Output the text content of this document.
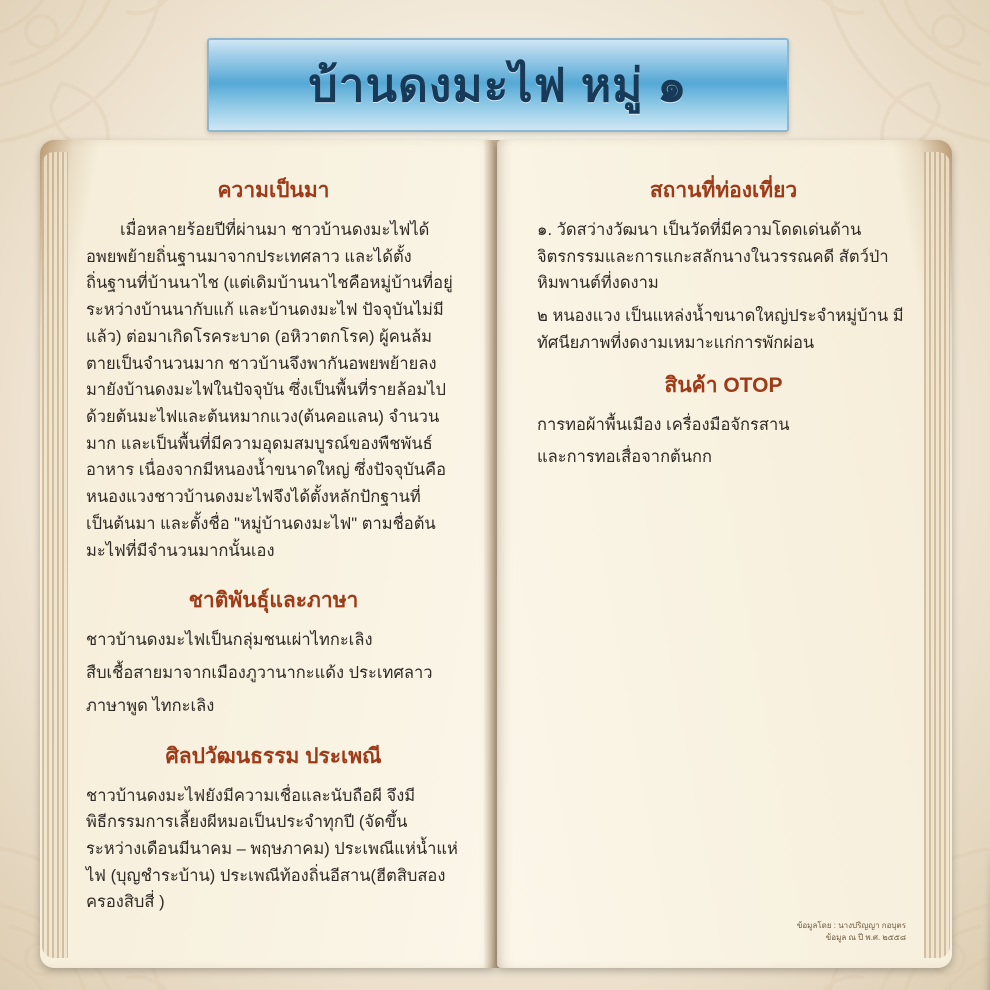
บ้านดงมะไฟ หมู่ ๑
ความเป็นมา

เมื่อหลายร้อยปีที่ผ่านมา ชาวบ้านดงมะไฟได้อพยพย้ายถิ่นฐานมาจากประเทศลาว และได้ตั้งถิ่นฐานที่บ้านนาไช (แต่เดิมบ้านนาไชคือหมู่บ้านที่อยู่ระหว่างบ้านนากับแก้ และบ้านดงมะไฟ ปัจจุบันไม่มีแล้ว) ต่อมาเกิดโรคระบาด (อหิวาตกโรค) ผู้คนล้มตายเป็นจำนวนมาก ชาวบ้านจึงพากันอพยพย้ายลงมายังบ้านดงมะไฟในปัจจุบัน ซึ่งเป็นพื้นที่รายล้อมไปด้วยต้นมะไฟและต้นหมากแวง(ต้นคอแลน) จำนวนมาก และเป็นพื้นที่มีความอุดมสมบูรณ์ของพืชพันธ์อาหาร เนื่องจากมีหนองน้ำขนาดใหญ่ ซึ่งปัจจุบันคือ หนองแวงชาวบ้านดงมะไฟจึงได้ตั้งหลักปักฐานที่เป็นต้นมา และตั้งชื่อ "หมู่บ้านดงมะไฟ" ตามชื่อต้นมะไฟที่มีจำนวนมากนั้นเอง

ชาติพันธุ์และภาษา

ชาวบ้านดงมะไฟเป็นกลุ่มชนเผ่าไทกะเลิง

สืบเชื้อสายมาจากเมืองภูวานากะแด้ง ประเทศลาว

ภาษาพูด ไทกะเลิง

ศิลปวัฒนธรรม ประเพณี

ชาวบ้านดงมะไฟยังมีความเชื่อและนับถือผี จึงมีพิธีกรรมการเลี้ยงผีหมอเป็นประจำทุกปี (จัดขึ้นระหว่างเดือนมีนาคม – พฤษภาคม) ประเพณีแห่น้ำแห่ไฟ (บุญชำระบ้าน) ประเพณีท้องถิ่นอีสาน(ฮีตสิบสองครองสิบสี่ )

สถานที่ท่องเที่ยว

๑. วัดสว่างวัฒนา เป็นวัดที่มีความโดดเด่นด้านจิตรกรรมและการแกะสลักนางในวรรณคดี สัตว์ป่าหิมพานต์ที่งดงาม

๒ หนองแวง เป็นแหล่งน้ำขนาดใหญ่ประจำหมู่บ้าน มีทัศนียภาพที่งดงามเหมาะแก่การพักผ่อน

สินค้า OTOP

การทอผ้าพื้นเมือง เครื่องมือจักรสาน

และการทอเสื่อจากต้นกก

ข้อมูลโดย : นางปริญญา กอบุตร
ข้อมูล ณ ปี พ.ศ. ๒๕๕๘
